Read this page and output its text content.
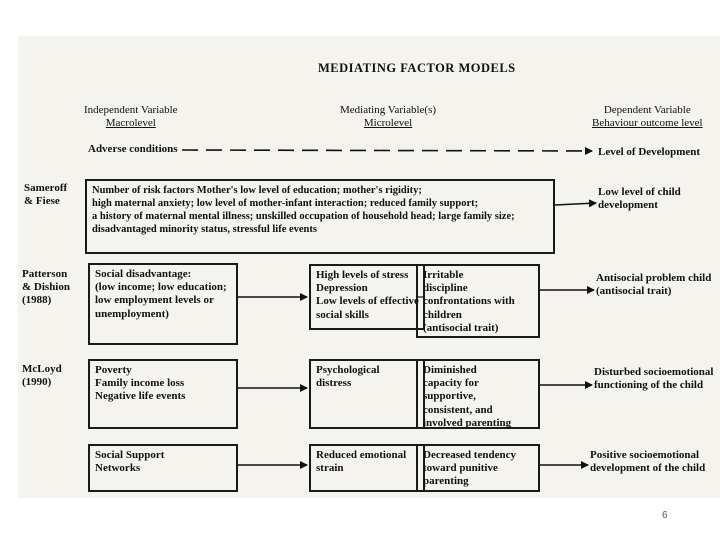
MEDIATING FACTOR MODELS
Independent Variable
Macrolevel
Mediating Variable(s)
Microlevel
Dependent Variable
Behaviour outcome level
Adverse conditions	Level of Development
Sameroff
& Fiese
Number of risk factors Mother's low level of education; mother's rigidity;
high maternal anxiety; low level of mother-infant interaction; reduced family support;
a history of maternal mental illness; unskilled occupation of household head; large family size;
disadvantaged minority status, stressful life events
Low level of child
development
Patterson
& Dishion
(1988)
Social disadvantage:
(low income; low education;
low employment levels or
unemployment)
High levels of stress
Depression
Low levels of effective
social skills
Irritable
discipline
confrontations with
children
(antisocial trait)
Antisocial problem child
(antisocial trait)
McLoyd
(1990)
Poverty
Family income loss
Negative life events
Psychological
distress
Diminished
capacity for
supportive,
consistent, and
involved parenting
Disturbed socioemotional
functioning of the child
Social Support
Networks
Reduced emotional
strain
Decreased tendency
toward punitive
parenting
Positive socioemotional
development of the child
6
